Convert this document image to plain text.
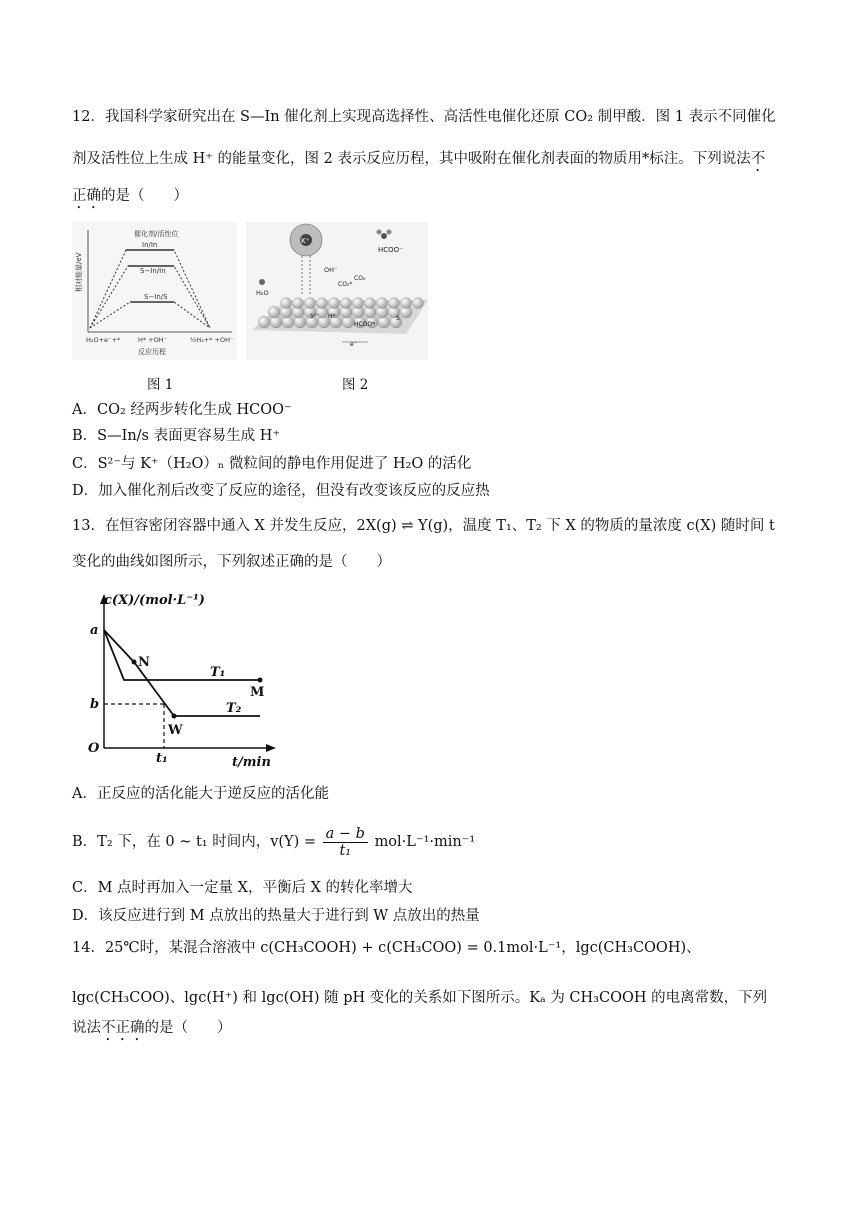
12．我国科学家研究出在 S—In 催化剂上实现高选择性、高活性电催化还原 CO₂ 制甲酸．图 1 表示不同催化
剂及活性位上生成 H⁺ 的能量变化，图 2 表示反应历程，其中吸附在催化剂表面的物质用*标注。下列说法不
正确的是（　　）
相对能量/eV
催化剂/活性位
In/In
S−In/In
S−In/S
H₂O+e⁻+*	H* +OH⁻	½H₂+* +OH⁻
反应历程
K⁺
HCOO⁻
OH⁻
H₂O
CO₂
CO₂*
S²⁻ H*
HCOO*
S
e⁻
图 1	图 2
A．CO₂ 经两步转化生成 HCOO⁻
B．S—In/s 表面更容易生成 H⁺
C．S²⁻与 K⁺（H₂O）ₙ 微粒间的静电作用促进了 H₂O 的活化
D．加入催化剂后改变了反应的途径，但没有改变该反应的反应热
13．在恒容密闭容器中通入 X 并发生反应，2X(g) ⇌ Y(g)，温度 T₁、T₂ 下 X 的物质的量浓度 c(X) 随时间 t
变化的曲线如图所示，下列叙述正确的是（　　）
c(X)/(mol·L⁻¹)
t/min
O
a
b
t₁
N
M
W
T₁
T₂
A．正反应的活化能大于逆反应的活化能
B．T₂ 下，在 0 ~ t₁ 时间内，$v(Y) = \frac{a - b}{\text{t₁}} mol\cdot L^{-1}\cdot\min^{-1}$
C．M 点时再加入一定量 X，平衡后 X 的转化率增大
D．该反应进行到 M 点放出的热量大于进行到 W 点放出的热量
14．25℃时，某混合溶液中 c(CH₃COOH) + c(CH₃COO) = 0.1mol·L⁻¹，lgc(CH₃COOH)、
lgc(CH₃COO)、lgc(H⁺) 和 lgc(OH) 随 pH 变化的关系如下图所示。Kₐ 为 CH₃COOH 的电离常数，下列
说法不正确的是（　　）
